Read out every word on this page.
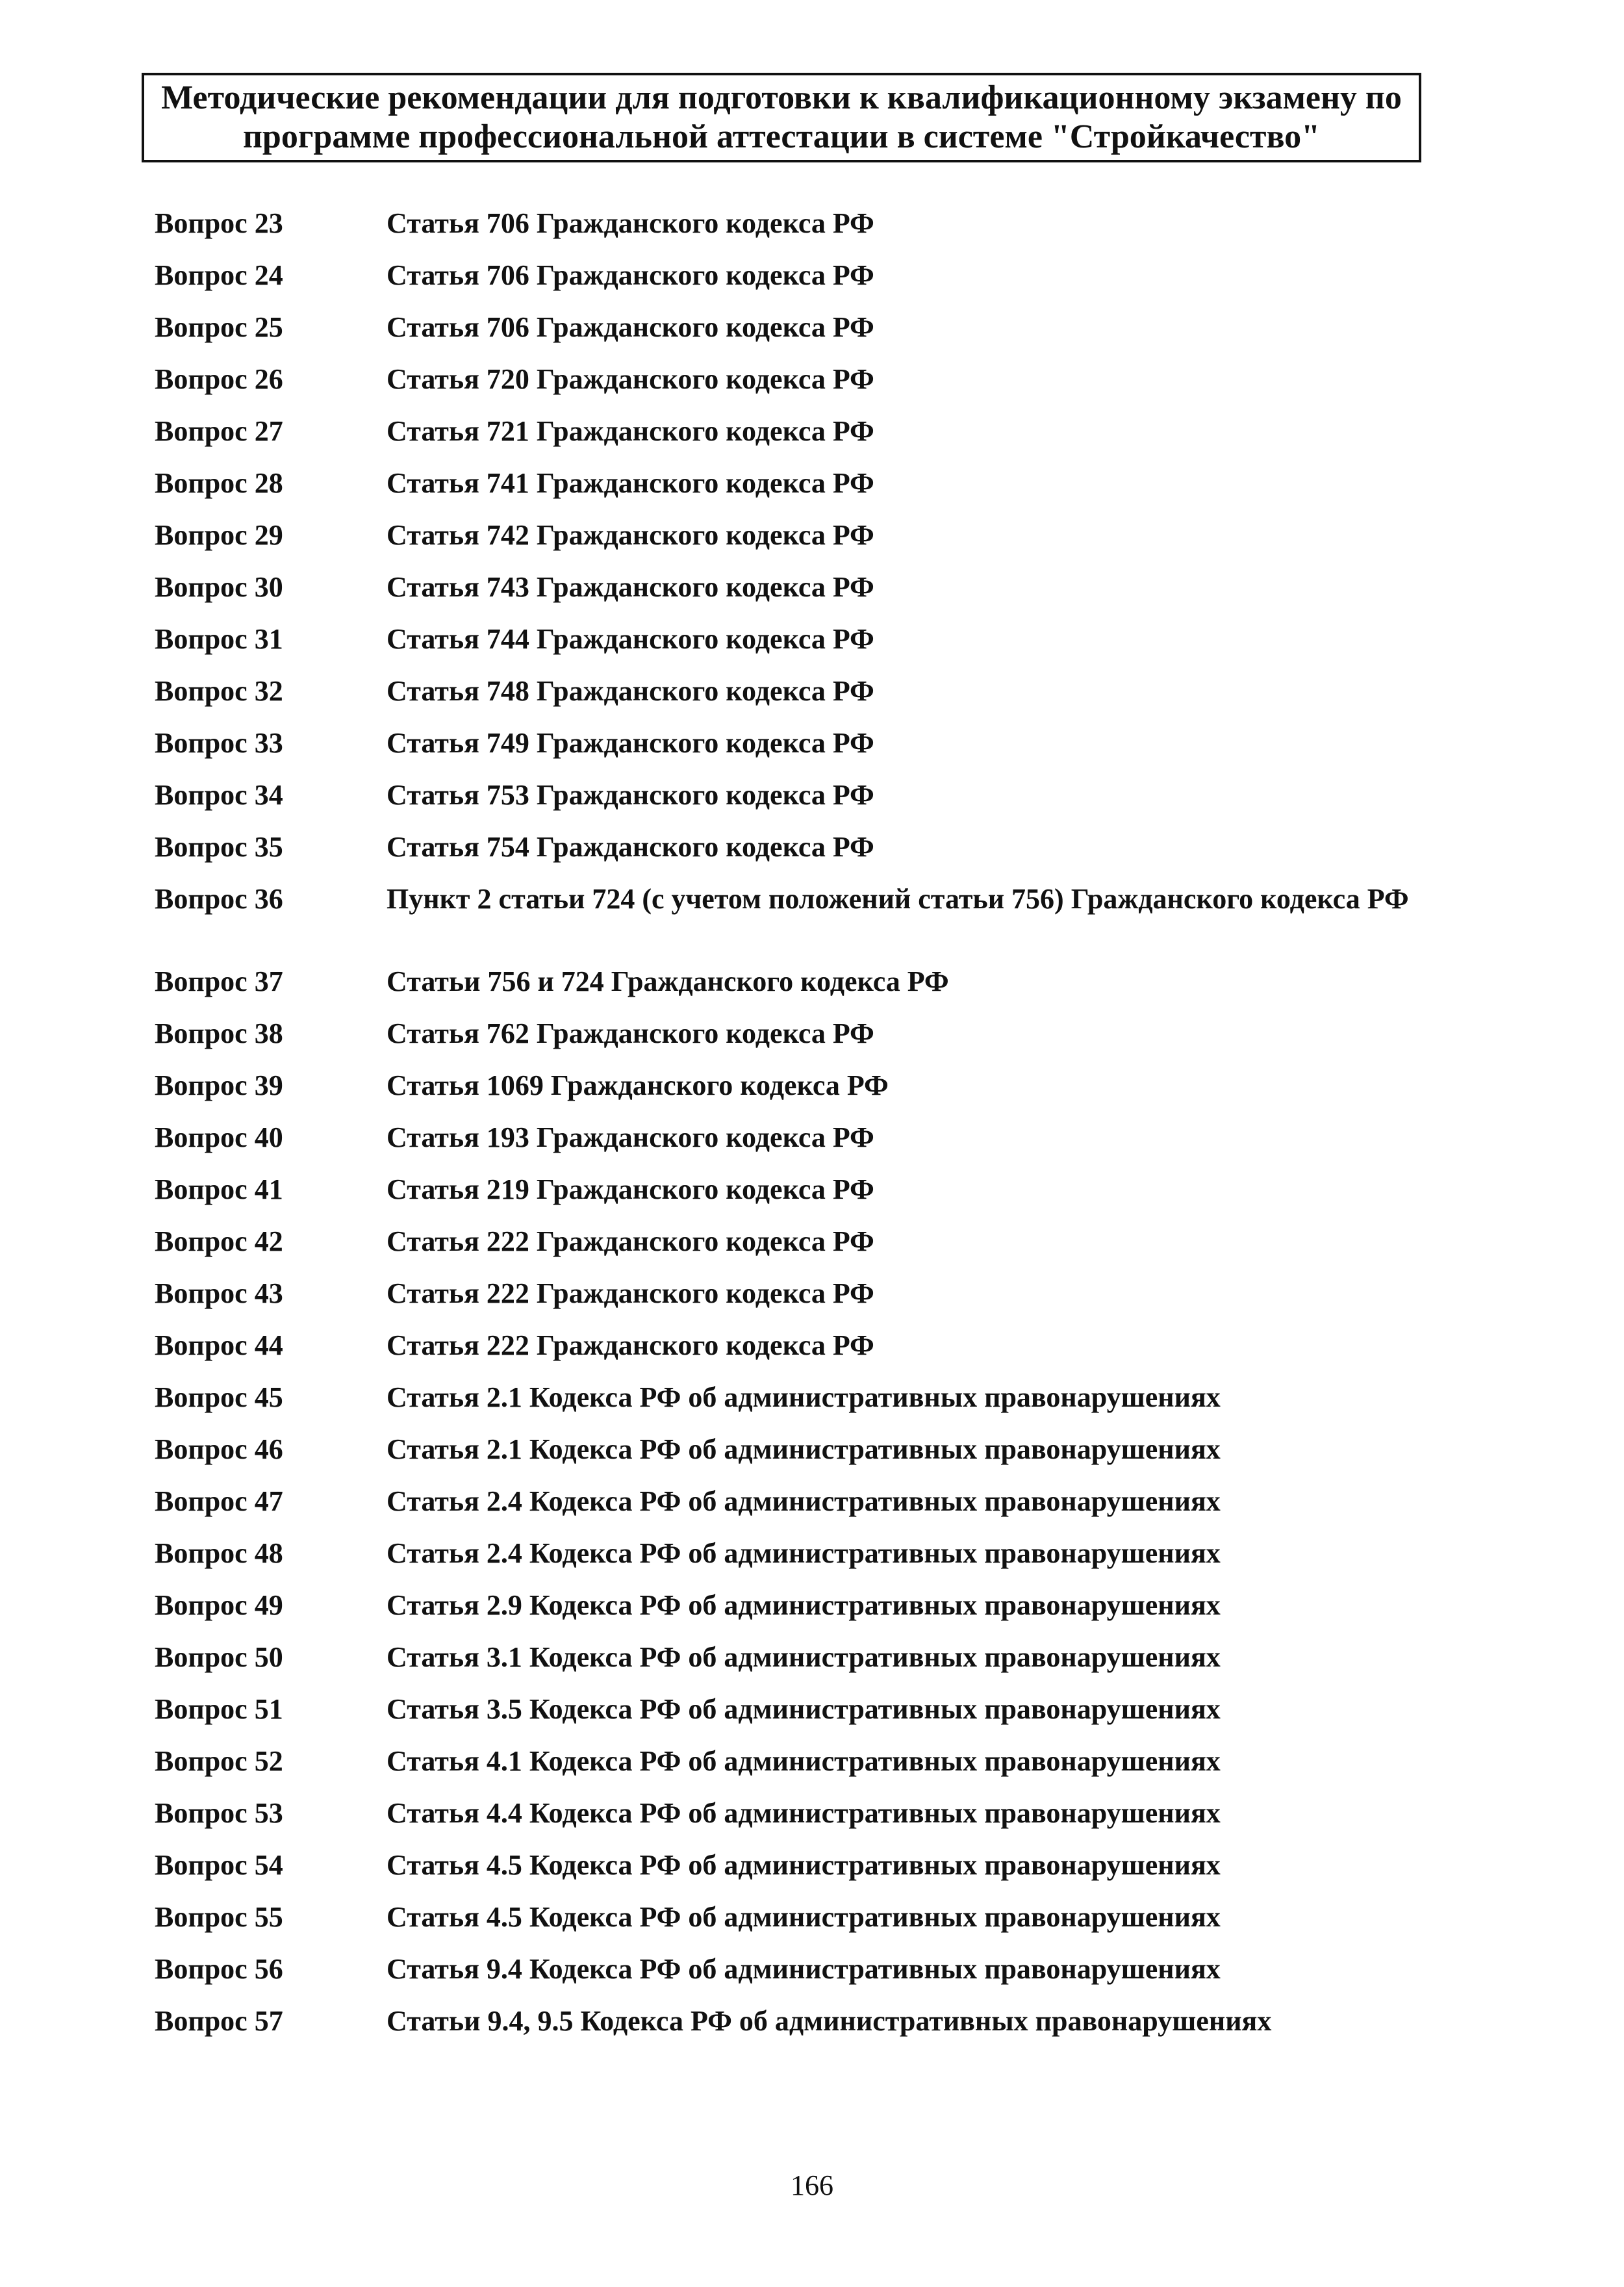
Методические рекомендации для подготовки к квалификационному экзамену по
программе профессиональной аттестации в системе "Стройкачество"
Вопрос 23	Статья 706 Гражданского кодекса РФ
Вопрос 24	Статья 706 Гражданского кодекса РФ
Вопрос 25	Статья 706 Гражданского кодекса РФ
Вопрос 26	Статья 720 Гражданского кодекса РФ
Вопрос 27	Статья 721 Гражданского кодекса РФ
Вопрос 28	Статья 741 Гражданского кодекса РФ
Вопрос 29	Статья 742 Гражданского кодекса РФ
Вопрос 30	Статья 743 Гражданского кодекса РФ
Вопрос 31	Статья 744 Гражданского кодекса РФ
Вопрос 32	Статья 748 Гражданского кодекса РФ
Вопрос 33	Статья 749 Гражданского кодекса РФ
Вопрос 34	Статья 753 Гражданского кодекса РФ
Вопрос 35	Статья 754 Гражданского кодекса РФ
Вопрос 36	Пункт 2 статьи 724 (с учетом положений статьи 756) Гражданского кодекса РФ
Вопрос 37	Статьи 756 и 724 Гражданского кодекса РФ
Вопрос 38	Статья 762 Гражданского кодекса РФ
Вопрос 39	Статья 1069 Гражданского кодекса РФ
Вопрос 40	Статья 193 Гражданского кодекса РФ
Вопрос 41	Статья 219 Гражданского кодекса РФ
Вопрос 42	Статья 222 Гражданского кодекса РФ
Вопрос 43	Статья 222 Гражданского кодекса РФ
Вопрос 44	Статья 222 Гражданского кодекса РФ
Вопрос 45	Статья 2.1 Кодекса РФ об административных правонарушениях
Вопрос 46	Статья 2.1 Кодекса РФ об административных правонарушениях
Вопрос 47	Статья 2.4 Кодекса РФ об административных правонарушениях
Вопрос 48	Статья 2.4 Кодекса РФ об административных правонарушениях
Вопрос 49	Статья 2.9 Кодекса РФ об административных правонарушениях
Вопрос 50	Статья 3.1 Кодекса РФ об административных правонарушениях
Вопрос 51	Статья 3.5 Кодекса РФ об административных правонарушениях
Вопрос 52	Статья 4.1 Кодекса РФ об административных правонарушениях
Вопрос 53	Статья 4.4 Кодекса РФ об административных правонарушениях
Вопрос 54	Статья 4.5 Кодекса РФ об административных правонарушениях
Вопрос 55	Статья 4.5 Кодекса РФ об административных правонарушениях
Вопрос 56	Статья 9.4 Кодекса РФ об административных правонарушениях
Вопрос 57	Статьи 9.4, 9.5 Кодекса РФ об административных правонарушениях
166
